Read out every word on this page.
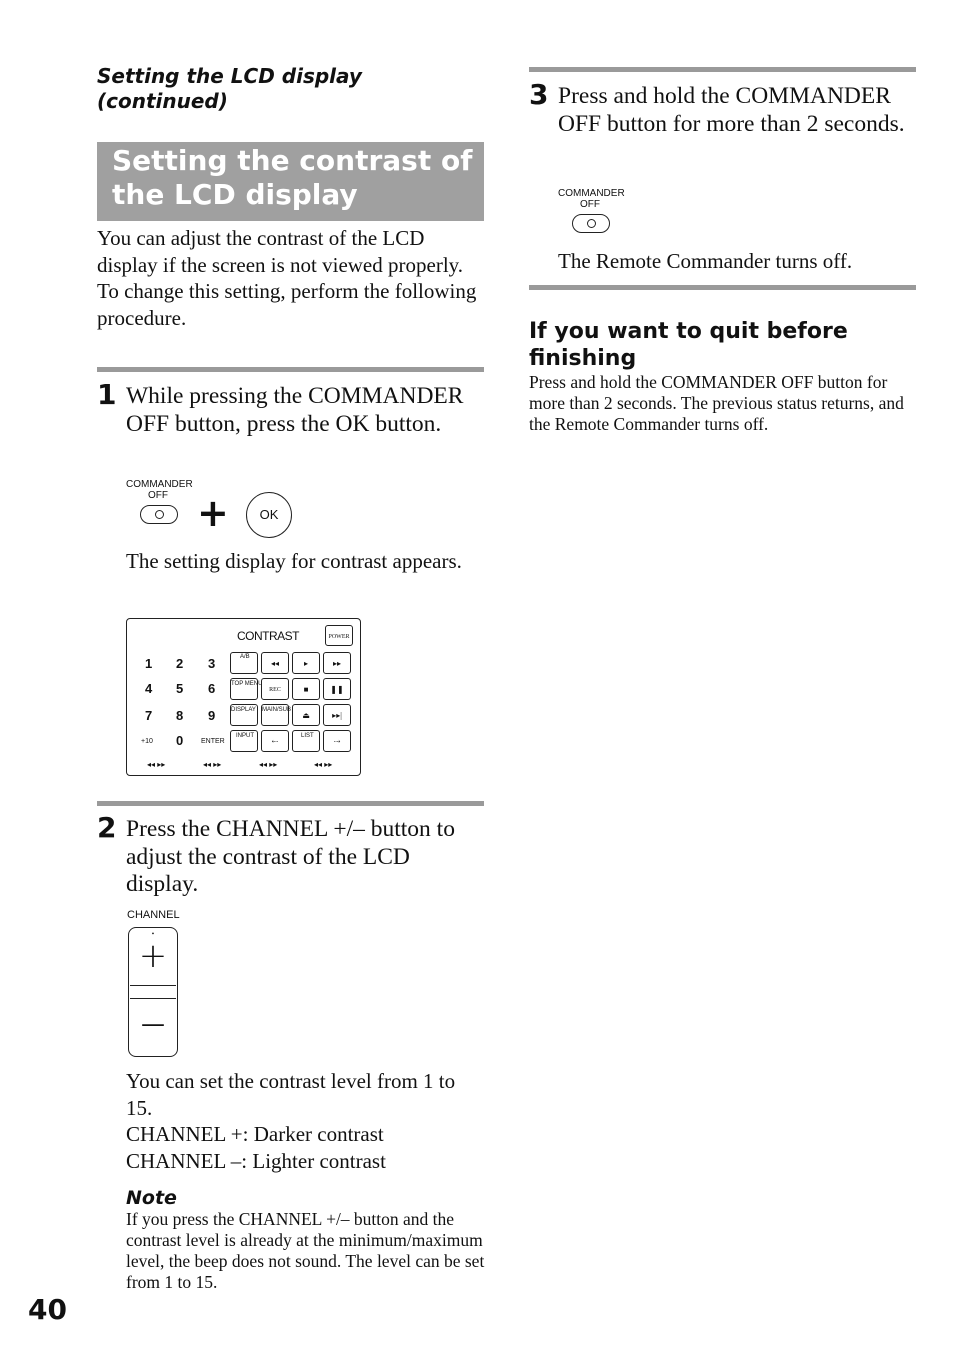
Setting the LCD display (continued)
Setting the contrast of the LCD display
You can adjust the contrast of the LCD display if the screen is not viewed properly.
To change this setting, perform the following procedure.
1 While pressing the COMMANDER OFF button, press the OK button.
COMMANDER
OFF +	OK
The setting display for contrast appears.
CONTRAST	POWER
1 2 3
4 5 6
7 8 9
+10 0	ENTER
A/B
◂◂	▸	▸▸
TOP MENU
REC	■	❚❚
DISPLAY MAIN/SUB
⏏	▸▸|
INPUT
⇠
LIST
⇢
◂◂ ▸▸	◂◂ ▸▸	◂◂ ▸▸	◂◂ ▸▸
2 Press the CHANNEL +/– button to adjust the contrast of the LCD display.
CHANNEL
•
+
—
You can set the contrast level from 1 to 15.
CHANNEL +: Darker contrast
CHANNEL –: Lighter contrast
Note
If you press the CHANNEL +/– button and the contrast level is already at the minimum/maximum level, the beep does not sound. The level can be set from 1 to 15.
3 Press and hold the COMMANDER OFF button for more than 2 seconds.
COMMANDER
OFF
The Remote Commander turns off.
If you want to quit before finishing
Press and hold the COMMANDER OFF button for more than 2 seconds. The previous status returns, and the Remote Commander turns off.
40
